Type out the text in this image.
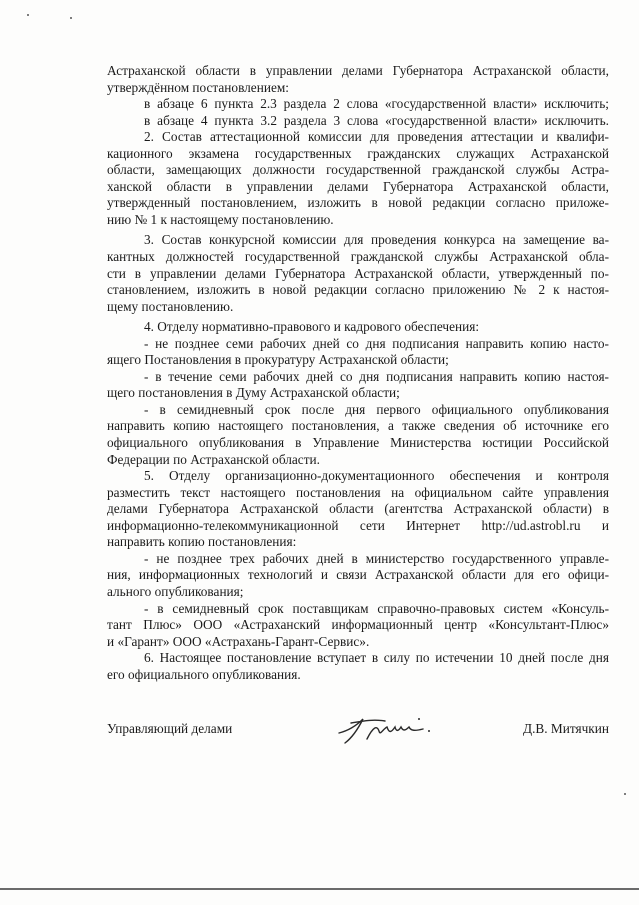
Астраханской области в управлении делами Губернатора Астраханской области,
утверждённом постановлением:
в абзаце 6 пункта 2.3 раздела 2 слова «государственной власти» исключить;
в абзаце 4 пункта 3.2 раздела 3 слова «государственной власти» исключить.
2. Состав аттестационной комиссии для проведения аттестации и квалифи-
кационного экзамена государственных гражданских служащих Астраханской
области, замещающих должности государственной гражданской службы Астра-
ханской области в управлении делами Губернатора Астраханской области,
утвержденный постановлением, изложить в новой редакции согласно приложе-
нию № 1 к настоящему постановлению.
3. Состав конкурсной комиссии для проведения конкурса на замещение ва-
кантных должностей государственной гражданской службы Астраханской обла-
сти в управлении делами Губернатора Астраханской области, утвержденный по-
становлением, изложить в новой редакции согласно приложению № 2 к настоя-
щему постановлению.
4. Отделу нормативно-правового и кадрового обеспечения:
- не позднее семи рабочих дней со дня подписания направить копию насто-
ящего Постановления в прокуратуру Астраханской области;
- в течение семи рабочих дней со дня подписания направить копию настоя-
щего постановления в Думу Астраханской области;
- в семидневный срок после дня первого официального опубликования
направить копию настоящего постановления, а также сведения об источнике его
официального опубликования в Управление Министерства юстиции Российской
Федерации по Астраханской области.
5. Отделу организационно-документационного обеспечения и контроля
разместить текст настоящего постановления на официальном сайте управления
делами Губернатора Астраханской области (агентства Астраханской области) в
информационно-телекоммуникационной сети Интернет http://ud.astrobl.ru и
направить копию постановления:
- не позднее трех рабочих дней в министерство государственного управле-
ния, информационных технологий и связи Астраханской области для его офици-
ального опубликования;
- в семидневный срок поставщикам справочно-правовых систем «Консуль-
тант Плюс» ООО «Астраханский информационный центр «Консультант-Плюс»
и «Гарант» ООО «Астрахань-Гарант-Сервис».
6. Настоящее постановление вступает в силу по истечении 10 дней после дня
его официального опубликования.
Управляющий делами	Д.В. Митячкин
